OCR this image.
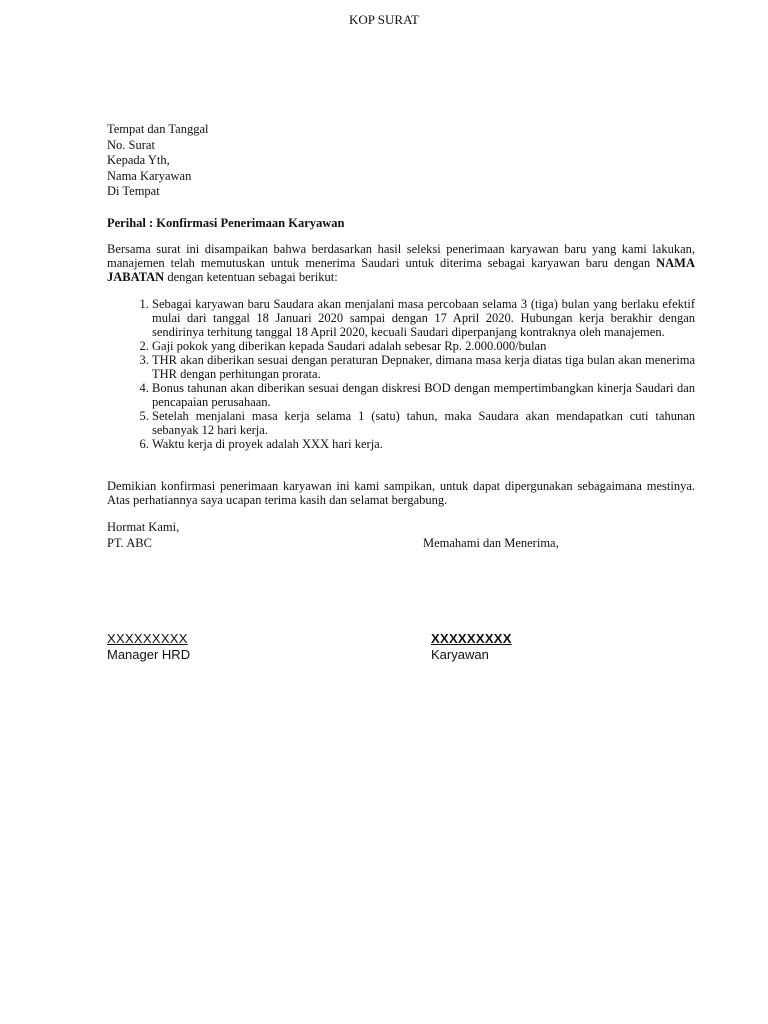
KOP SURAT
Tempat dan Tanggal
No. Surat
Kepada Yth,
Nama Karyawan
Di Tempat
Perihal : Konfirmasi Penerimaan Karyawan
Bersama surat ini disampaikan bahwa berdasarkan hasil seleksi penerimaan karyawan baru yang kami lakukan, manajemen telah memutuskan untuk menerima Saudari untuk diterima sebagai karyawan baru dengan NAMA JABATAN dengan ketentuan sebagai berikut:
1. Sebagai karyawan baru Saudara akan menjalani masa percobaan selama 3 (tiga) bulan yang berlaku efektif mulai dari tanggal 18 Januari 2020 sampai dengan 17 April 2020. Hubungan kerja berakhir dengan sendirinya terhitung tanggal 18 April 2020, kecuali Saudari diperpanjang kontraknya oleh manajemen.
2. Gaji pokok yang diberikan kepada Saudari adalah sebesar Rp. 2.000.000/bulan
3. THR akan diberikan sesuai dengan peraturan Depnaker, dimana masa kerja diatas tiga bulan akan menerima THR dengan perhitungan prorata.
4. Bonus tahunan akan diberikan sesuai dengan diskresi BOD dengan mempertimbangkan kinerja Saudari dan pencapaian perusahaan.
5. Setelah menjalani masa kerja selama 1 (satu) tahun, maka Saudara akan mendapatkan cuti tahunan sebanyak 12 hari kerja.
6. Waktu kerja di proyek adalah XXX hari kerja.
Demikian konfirmasi penerimaan karyawan ini kami sampikan, untuk dapat dipergunakan sebagaimana mestinya. Atas perhatiannya saya ucapan terima kasih dan selamat bergabung.
Hormat Kami,
PT. ABC	Memahami dan Menerima,
XXXXXXXXX
Manager HRD
XXXXXXXXX
Karyawan
